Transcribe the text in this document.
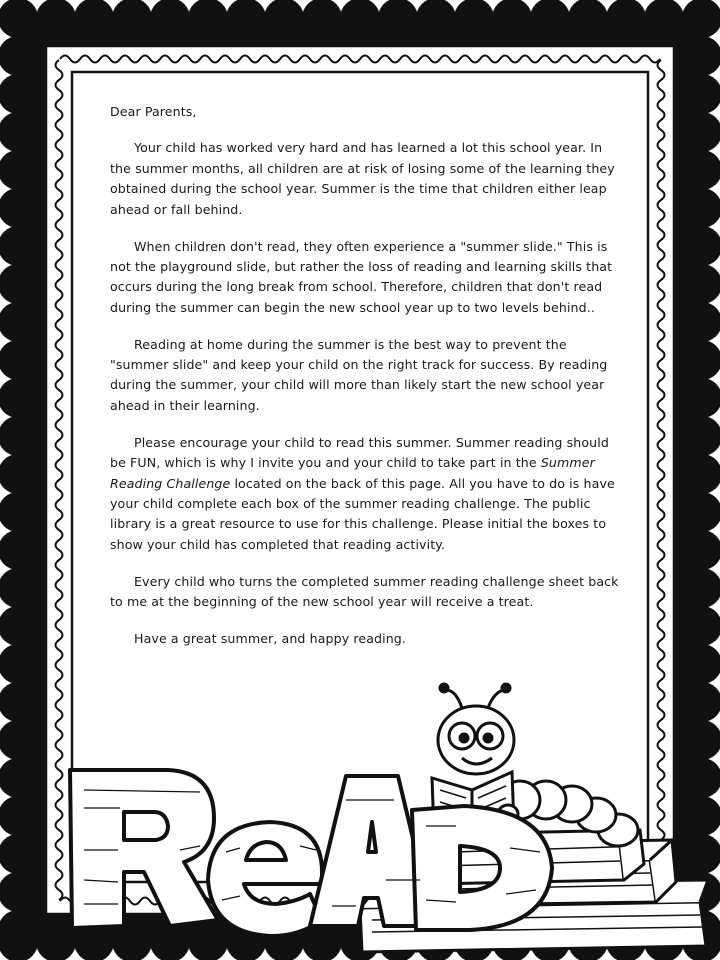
Dear Parents,

Your child has worked very hard and has learned a lot this school year. In the summer months, all children are at risk of losing some of the learning they obtained during the school year. Summer is the time that children either leap ahead or fall behind.

When children don't read, they often experience a "summer slide." This is not the playground slide, but rather the loss of reading and learning skills that occurs during the long break from school. Therefore, children that don't read during the summer can begin the new school year up to two levels behind..

Reading at home during the summer is the best way to prevent the "summer slide" and keep your child on the right track for success. By reading during the summer, your child will more than likely start the new school year ahead in their learning.

Please encourage your child to read this summer. Summer reading should be FUN, which is why I invite you and your child to take part in the Summer Reading Challenge located on the back of this page. All you have to do is have your child complete each box of the summer reading challenge. The public library is a great resource to use for this challenge. Please initial the boxes to show your child has completed that reading activity.

Every child who turns the completed summer reading challenge sheet back to me at the beginning of the new school year will receive a treat.

Have a great summer, and happy reading.
